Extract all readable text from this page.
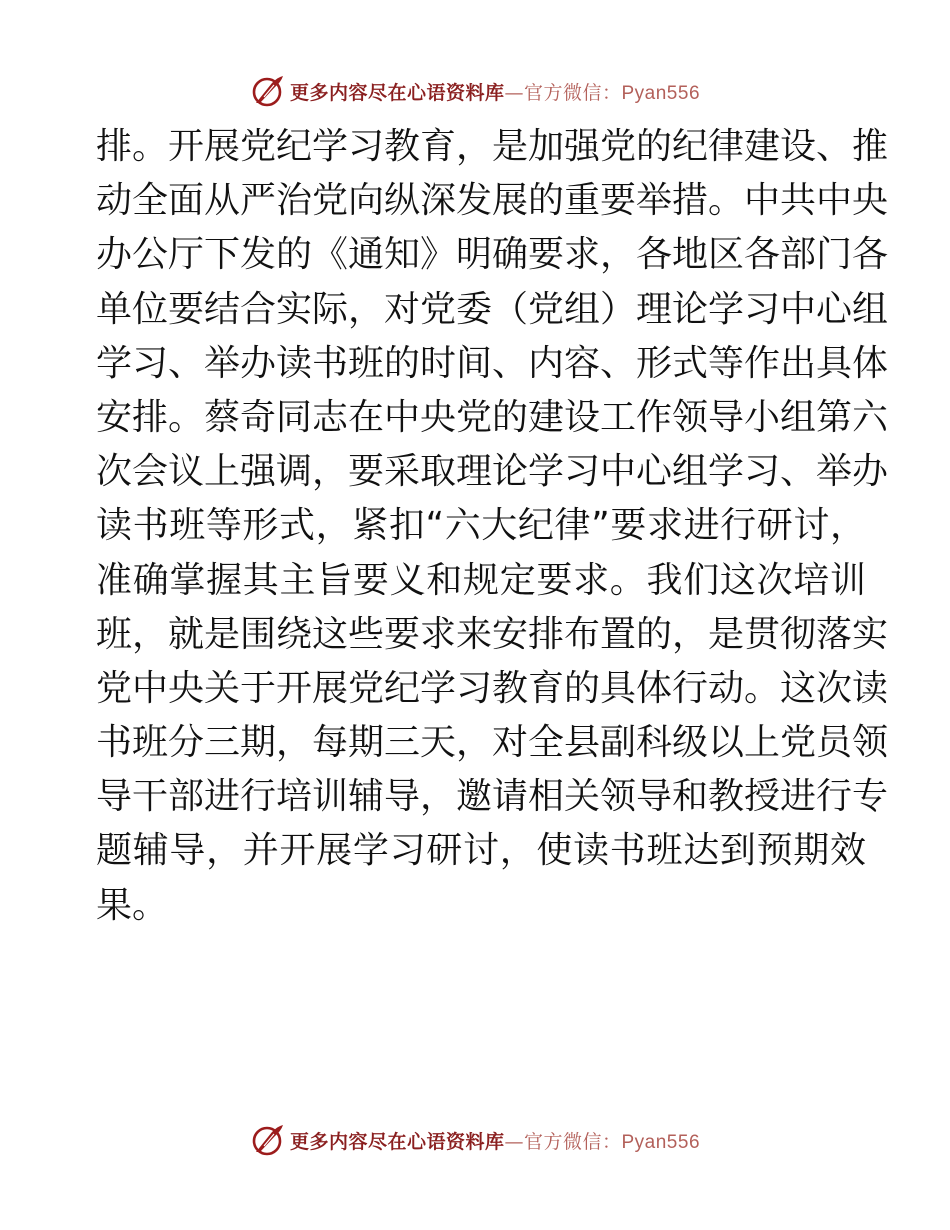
更多内容尽在心语资料库—官方微信：Pyan556
排。开展党纪学习教育，是加强党的纪律建设、推
动全面从严治党向纵深发展的重要举措。中共中央
办公厅下发的《通知》明确要求，各地区各部门各
单位要结合实际，对党委（党组）理论学习中心组
学习、举办读书班的时间、内容、形式等作出具体
安排。蔡奇同志在中央党的建设工作领导小组第六
次会议上强调，要采取理论学习中心组学习、举办
读书班等形式，紧扣“六大纪律”要求进行研讨，
准确掌握其主旨要义和规定要求。我们这次培训
班，就是围绕这些要求来安排布置的，是贯彻落实
党中央关于开展党纪学习教育的具体行动。这次读
书班分三期，每期三天，对全县副科级以上党员领
导干部进行培训辅导，邀请相关领导和教授进行专
题辅导，并开展学习研讨，使读书班达到预期效
果。
更多内容尽在心语资料库—官方微信：Pyan556
